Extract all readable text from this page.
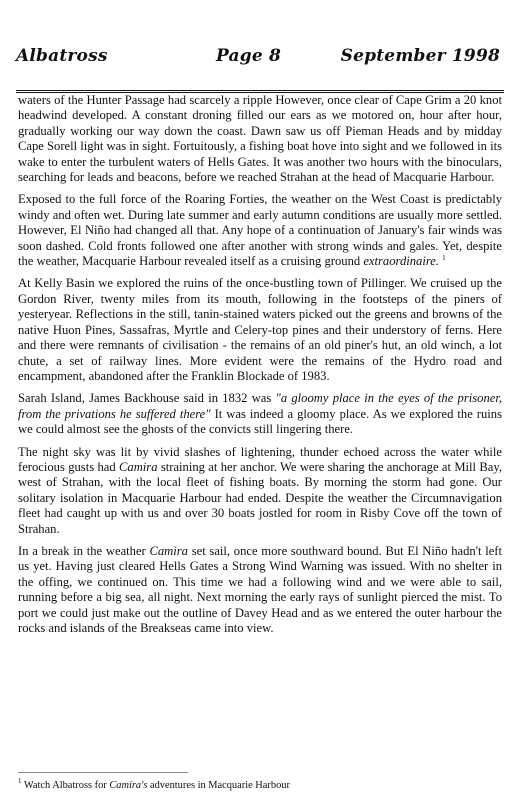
Albatross	Page 8	September 1998

waters of the Hunter Passage had scarcely a ripple However, once clear of Cape Grim a 20 knot headwind developed. A constant droning filled our ears as we motored on, hour after hour, gradually working our way down the coast. Dawn saw us off Pieman Heads and by midday Cape Sorell light was in sight. Fortuitously, a fishing boat hove into sight and we followed in its wake to enter the turbulent waters of Hells Gates. It was another two hours with the binoculars, searching for leads and beacons, before we reached Strahan at the head of Macquarie Harbour.

Exposed to the full force of the Roaring Forties, the weather on the West Coast is predictably windy and often wet. During late summer and early autumn conditions are usually more settled. However, El Niño had changed all that. Any hope of a continuation of January's fair winds was soon dashed. Cold fronts followed one after another with strong winds and gales. Yet, despite the weather, Macquarie Harbour revealed itself as a cruising ground extraordinaire. $^1$

At Kelly Basin we explored the ruins of the once-bustling town of Pillinger. We cruised up the Gordon River, twenty miles from its mouth, following in the footsteps of the piners of yesteryear. Reflections in the still, tanin-stained waters picked out the greens and browns of the native Huon Pines, Sassafras, Myrtle and Celery-top pines and their understory of ferns. Here and there were remnants of civilisation - the remains of an old piner's hut, an old winch, a lot chute, a set of railway lines. More evident were the remains of the Hydro road and encampment, abandoned after the Franklin Blockade of 1983.

Sarah Island, James Backhouse said in 1832 was "a gloomy place in the eyes of the prisoner, from the privations he suffered there" It was indeed a gloomy place. As we explored the ruins we could almost see the ghosts of the convicts still lingering there.

The night sky was lit by vivid slashes of lightening, thunder echoed across the water while ferocious gusts had Camira straining at her anchor. We were sharing the anchorage at Mill Bay, west of Strahan, with the local fleet of fishing boats. By morning the storm had gone. Our solitary isolation in Macquarie Harbour had ended. Despite the weather the Circumnavigation fleet had caught up with us and over 30 boats jostled for room in Risby Cove off the town of Strahan.

In a break in the weather Camira set sail, once more southward bound. But El Niño hadn't left us yet. Having just cleared Hells Gates a Strong Wind Warning was issued. With no shelter in the offing, we continued on. This time we had a following wind and we were able to sail, running before a big sea, all night. Next morning the early rays of sunlight pierced the mist. To port we could just make out the outline of Davey Head and as we entered the outer harbour the rocks and islands of the Breakseas came into view.

$^1$ Watch Albatross for Camira's adventures in Macquarie Harbour
